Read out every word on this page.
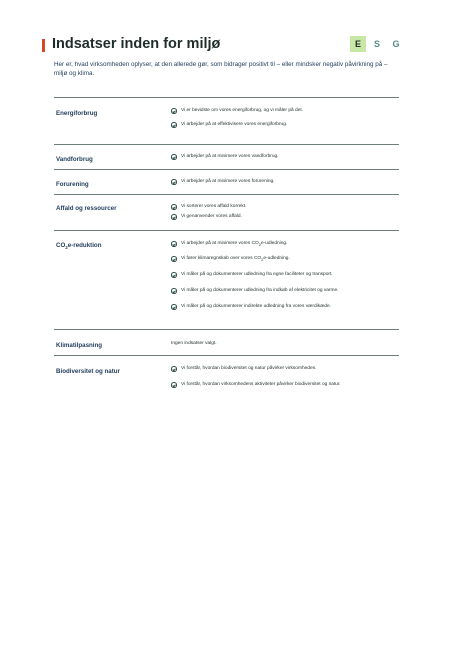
Indsatser inden for miljø	E	S	G
Her er, hvad virksomheden oplyser, at den allerede gør, som bidrager positivt til – eller mindsker negativ påvirkning på – miljø og klima.
Energiforbrug	Vi er bevidste om vores energiforbrug, og vi måler på det.
Vi arbejder på at effektivisere vores energiforbrug.
Vandforbrug	Vi arbejder på at minimere vores vandforbrug.
Forurening	Vi arbejder på at minimere vores forurening.
Affald og ressourcer	Vi sorterer vores affald korrekt.
Vi genanvender vores affald.
$CO_2e$-reduktion	Vi arbejder på at minimere vores $CO_2e$-udledning.
Vi fører klimaregnskab over vores $CO_2e$-udledning.
Vi måler på og dokumenterer udledning fra egne faciliteter og transport.
Vi måler på og dokumenterer udledning fra indkøb af elektricitet og varme.
Vi måler på og dokumenterer indirekte udledning fra vores værdikæde.
Klimatilpasning	Ingen indsatser valgt.
Biodiversitet og natur	Vi forstår, hvordan biodiversitet og natur påvirker virksomheden.
Vi forstår, hvordan virksomhedens aktiviteter påvirker biodiversitet og natur.
